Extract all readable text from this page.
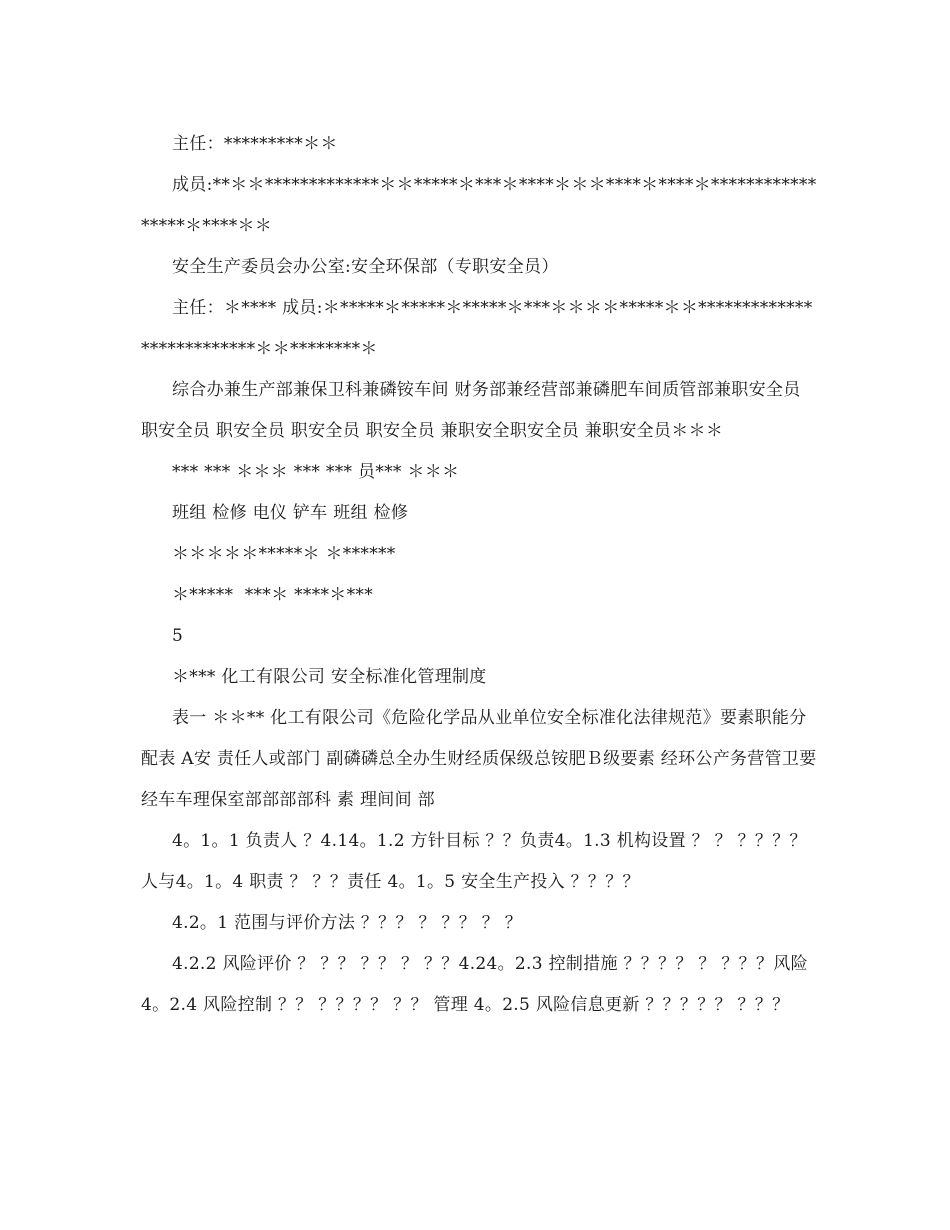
主任：*********＊＊

成员:**＊＊*************＊＊*****＊***＊****＊＊＊****＊****＊*****************＊****＊＊

安全生产委员会办公室:安全环保部（专职安全员）

主任：＊**** 成员:＊*****＊*****＊*****＊***＊＊＊＊*****＊＊**************************＊＊********＊

综合办兼生产部兼保卫科兼磷铵车间 财务部兼经营部兼磷肥车间质管部兼职安全员 职安全员 职安全员 职安全员 职安全员 兼职安全职安全员 兼职安全员＊＊＊

*** *** ＊＊＊ *** *** 员*** ＊＊＊

班组 检修 电仪 铲车 班组 检修

＊＊＊＊＊*****＊ ＊******

＊*****  ***＊ ****＊***

5

＊*** 化工有限公司 安全标准化管理制度

表一 ＊＊** 化工有限公司《危险化学品从业单位安全标准化法律规范》要素职能分配表 A安 责任人或部门 副磷磷总全办生财经质保级总铵肥Ｂ级要素 经环公产务营管卫要经车车理保室部部部部科 素 理间间 部

4。1。1 负责人 ？4.14。1.2 方针目标 ？？负责4。1.3 机构设置 ？ ？ ？？？？ 人与4。1。4 职责 ？ ？？责任 4。1。5 安全生产投入 ？？？？

4.2。1 范围与评价方法 ？？？ ？ ？？ ？ ？

4.2.2 风险评价 ？ ？？ ？？ ？ ？？4.24。2.3 控制措施 ？？？？ ？ ？？？风险4。2.4 风险控制 ？？ ？？？？ ？？ 管理 4。2.5 风险信息更新 ？？？？？ ？？？
